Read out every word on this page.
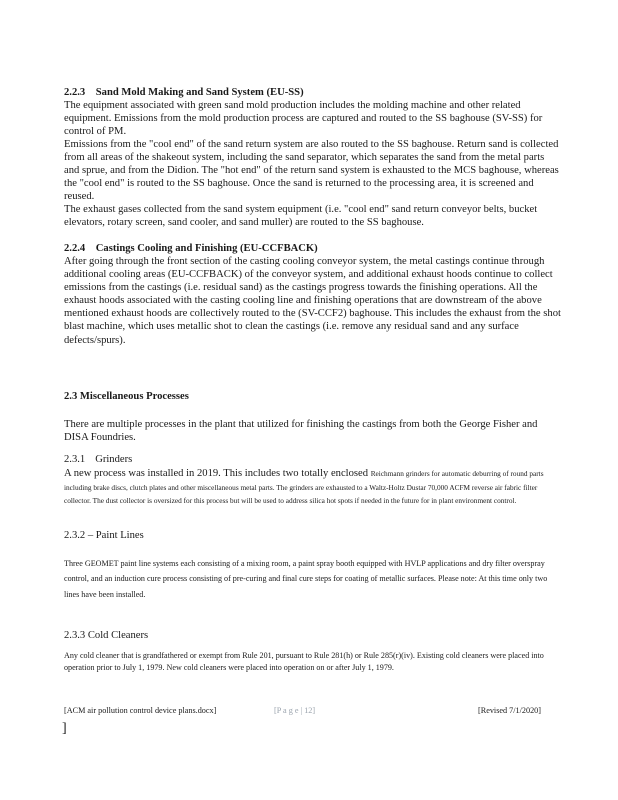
2.2.3 Sand Mold Making and Sand System (EU-SS)

The equipment associated with green sand mold production includes the molding machine and other related equipment. Emissions from the mold production process are captured and routed to the SS baghouse (SV-SS) for control of PM.

Emissions from the "cool end" of the sand return system are also routed to the SS baghouse. Return sand is collected from all areas of the shakeout system, including the sand separator, which separates the sand from the metal parts and sprue, and from the Didion. The "hot end" of the return sand system is exhausted to the MCS baghouse, whereas the "cool end" is routed to the SS baghouse. Once the sand is returned to the processing area, it is screened and reused.

The exhaust gases collected from the sand system equipment (i.e. "cool end" sand return conveyor belts, bucket elevators, rotary screen, sand cooler, and sand muller) are routed to the SS baghouse.

2.2.4 Castings Cooling and Finishing (EU-CCFBACK)

After going through the front section of the casting cooling conveyor system, the metal castings continue through additional cooling areas (EU-CCFBACK) of the conveyor system, and additional exhaust hoods continue to collect emissions from the castings (i.e. residual sand) as the castings progress towards the finishing operations. All the exhaust hoods associated with the casting cooling line and finishing operations that are downstream of the above mentioned exhaust hoods are collectively routed to the (SV-CCF2) baghouse. This includes the exhaust from the shot blast machine, which uses metallic shot to clean the castings (i.e. remove any residual sand and any surface defects/spurs).

2.3 Miscellaneous Processes

There are multiple processes in the plant that utilized for finishing the castings from both the George Fisher and DISA Foundries.

2.3.1 Grinders

A new process was installed in 2019. This includes two totally enclosed Reichmann grinders for automatic deburring of round parts including brake discs, clutch plates and other miscellaneous metal parts. The grinders are exhausted to a Waltz-Holtz Dustar 70,000 ACFM reverse air fabric filter collector. The dust collector is oversized for this process but will be used to address silica hot spots if needed in the future for in plant environment control.

2.3.2 – Paint Lines

Three GEOMET paint line systems each consisting of a mixing room, a paint spray booth equipped with HVLP applications and dry filter overspray control, and an induction cure process consisting of pre-curing and final cure steps for coating of metallic surfaces. Please note: At this time only two lines have been installed.

2.3.3 Cold Cleaners

Any cold cleaner that is grandfathered or exempt from Rule 201, pursuant to Rule 281(h) or Rule 285(r)(iv). Existing cold cleaners were placed into operation prior to July 1, 1979. New cold cleaners were placed into operation on or after July 1, 1979.

[ACM air pollution control device plans.docx]	[P a g e | 12]	[Revised 7/1/2020]
]
